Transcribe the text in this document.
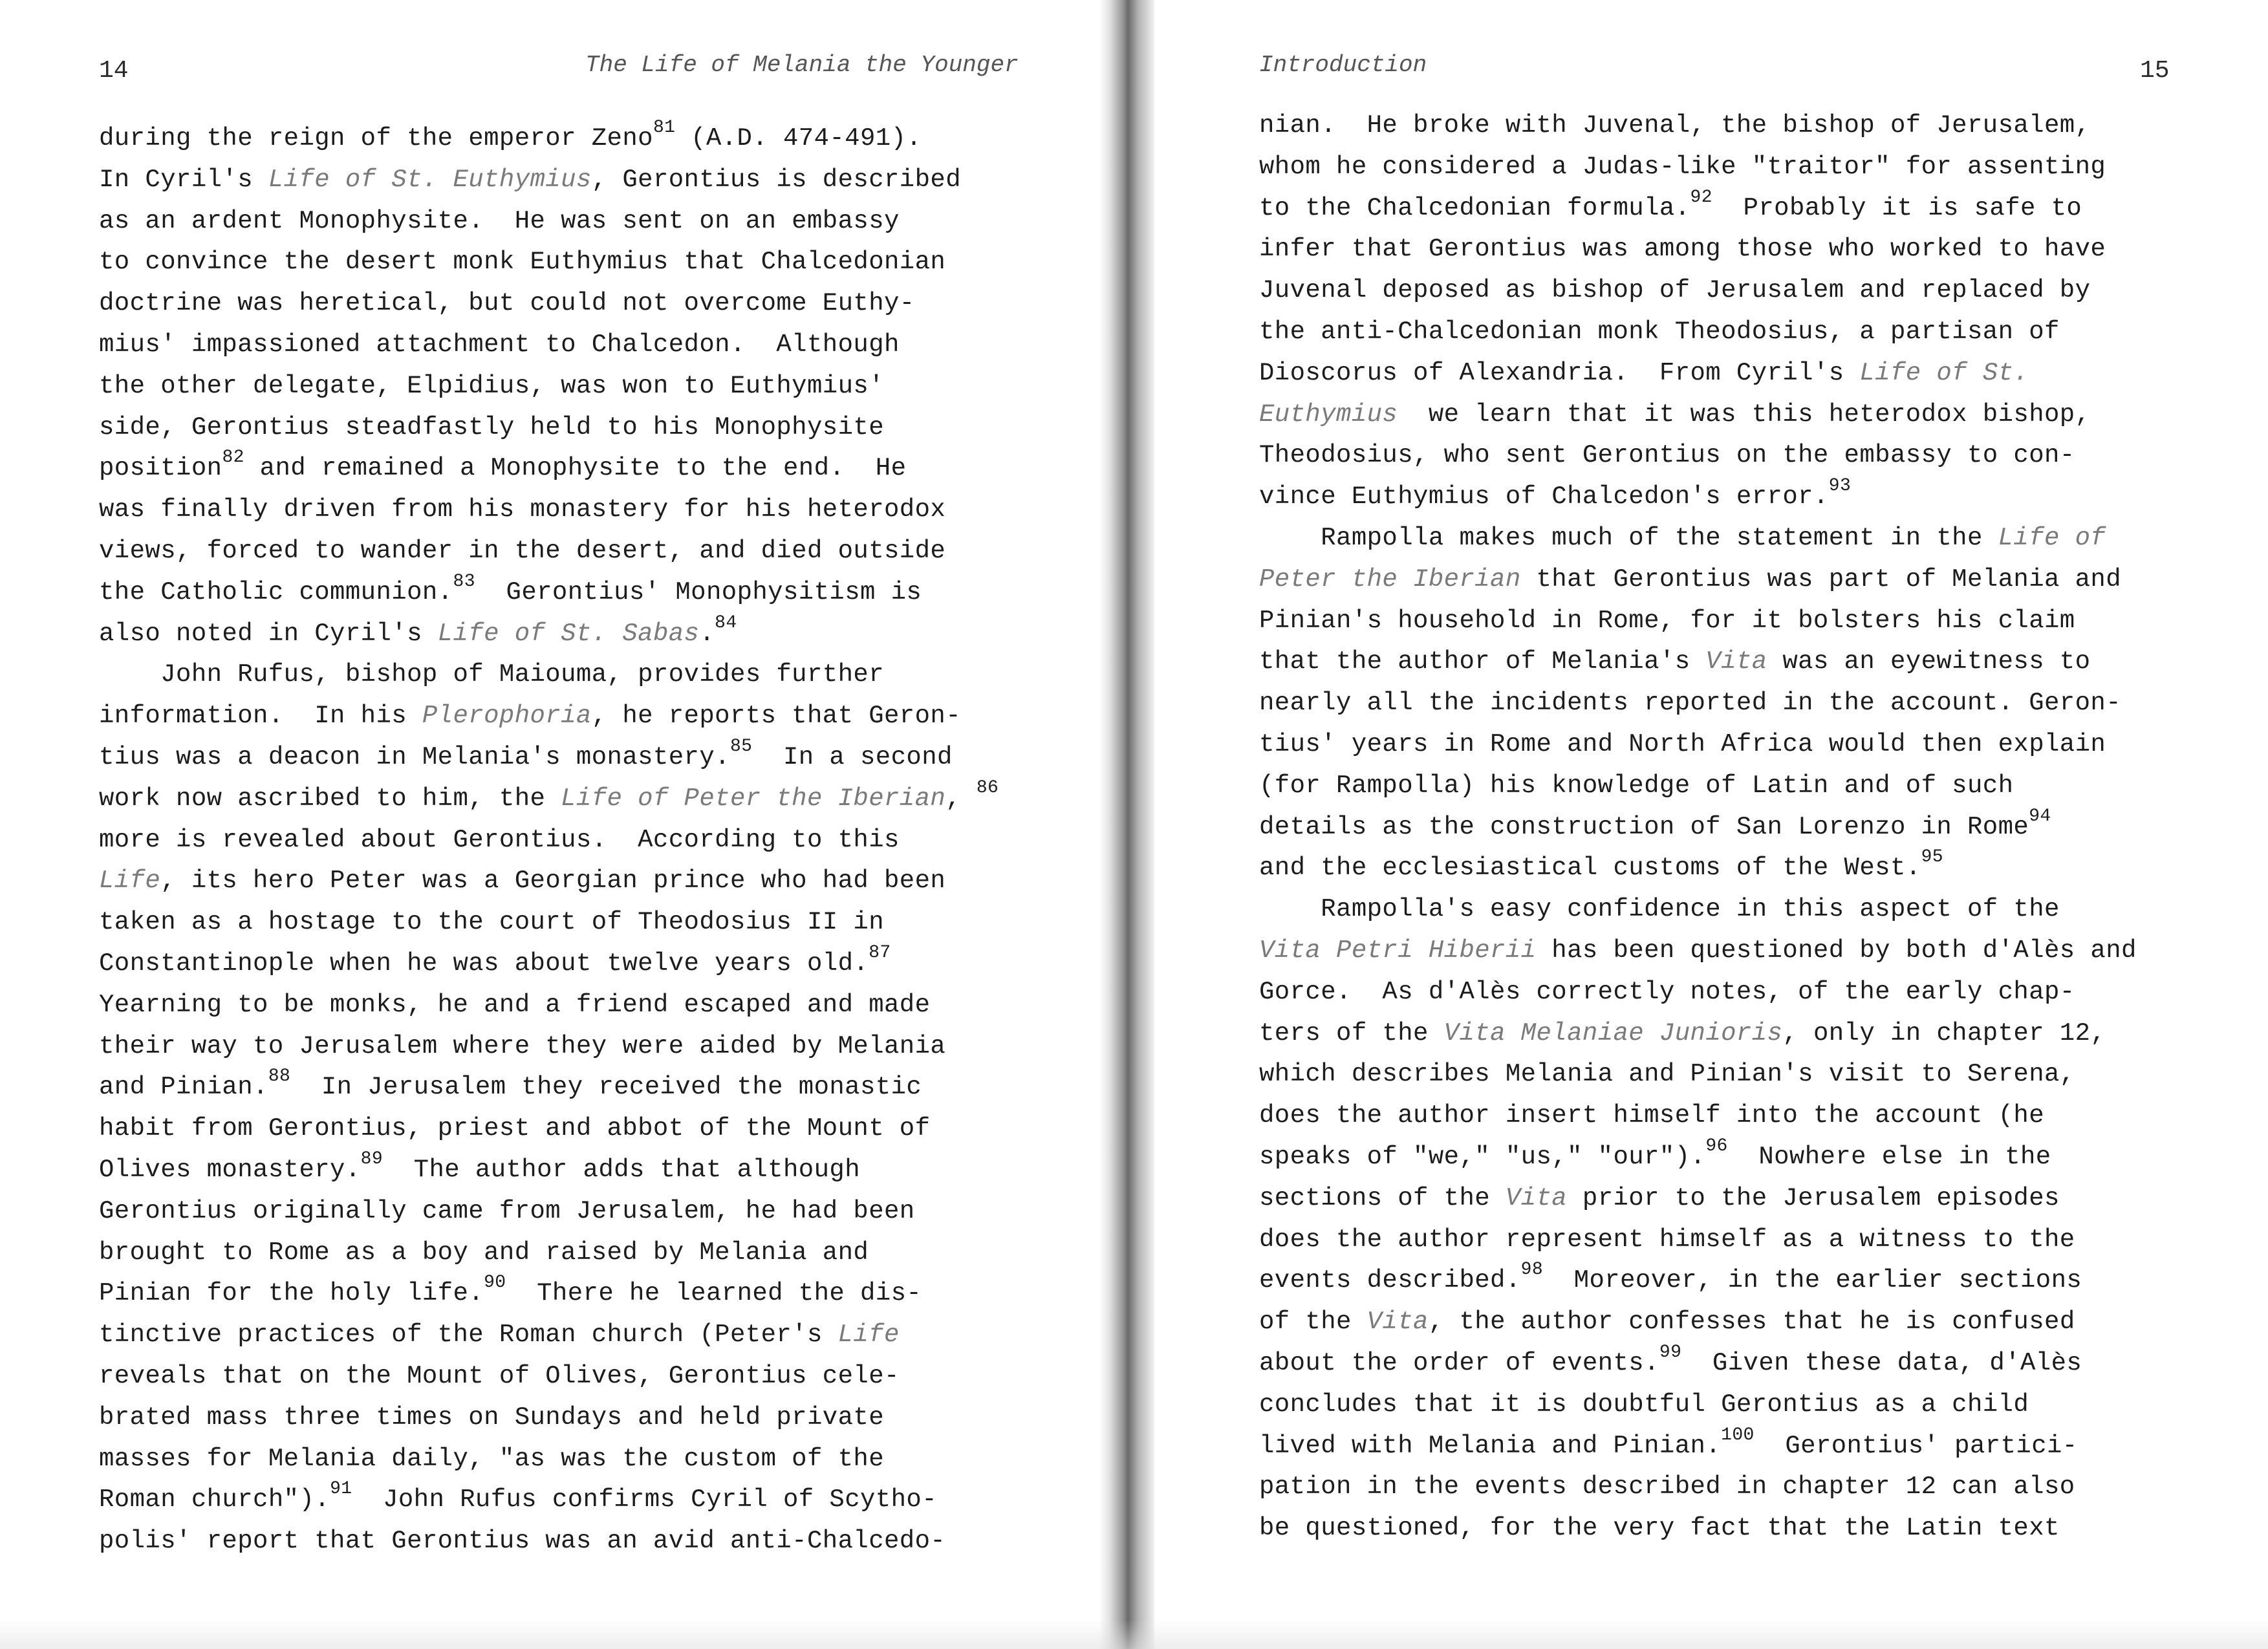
14	The Life of Melania the Younger
during the reign of the emperor Zeno$^{81}$ (A.D. 474-491).
In Cyril's Life of St. Euthymius, Gerontius is described
as an ardent Monophysite.  He was sent on an embassy
to convince the desert monk Euthymius that Chalcedonian
doctrine was heretical, but could not overcome Euthy-
mius' impassioned attachment to Chalcedon.  Although
the other delegate, Elpidius, was won to Euthymius'
side, Gerontius steadfastly held to his Monophysite
position$^{82}$ and remained a Monophysite to the end.  He
was finally driven from his monastery for his heterodox
views, forced to wander in the desert, and died outside
the Catholic communion.$^{83}$  Gerontius' Monophysitism is
also noted in Cyril's Life of St. Sabas.$^{84}$
John Rufus, bishop of Maiouma, provides further
information.  In his Plerophoria, he reports that Geron-
tius was a deacon in Melania's monastery.$^{85}$  In a second
work now ascribed to him, the Life of Peter the Iberian, $^{86}$
more is revealed about Gerontius.  According to this
Life, its hero Peter was a Georgian prince who had been
taken as a hostage to the court of Theodosius II in
Constantinople when he was about twelve years old.$^{87}$
Yearning to be monks, he and a friend escaped and made
their way to Jerusalem where they were aided by Melania
and Pinian.$^{88}$  In Jerusalem they received the monastic
habit from Gerontius, priest and abbot of the Mount of
Olives monastery.$^{89}$  The author adds that although
Gerontius originally came from Jerusalem, he had been
brought to Rome as a boy and raised by Melania and
Pinian for the holy life.$^{90}$  There he learned the dis-
tinctive practices of the Roman church (Peter's Life
reveals that on the Mount of Olives, Gerontius cele-
brated mass three times on Sundays and held private
masses for Melania daily, "as was the custom of the
Roman church").$^{91}$  John Rufus confirms Cyril of Scytho-
polis' report that Gerontius was an avid anti-Chalcedo-
Introduction	15
nian.  He broke with Juvenal, the bishop of Jerusalem,
whom he considered a Judas-like "traitor" for assenting
to the Chalcedonian formula.$^{92}$  Probably it is safe to
infer that Gerontius was among those who worked to have
Juvenal deposed as bishop of Jerusalem and replaced by
the anti-Chalcedonian monk Theodosius, a partisan of
Dioscorus of Alexandria.  From Cyril's Life of St.
Euthymius  we learn that it was this heterodox bishop,
Theodosius, who sent Gerontius on the embassy to con-
vince Euthymius of Chalcedon's error.$^{93}$
Rampolla makes much of the statement in the Life of
Peter the Iberian that Gerontius was part of Melania and
Pinian's household in Rome, for it bolsters his claim
that the author of Melania's Vita was an eyewitness to
nearly all the incidents reported in the account. Geron-
tius' years in Rome and North Africa would then explain
(for Rampolla) his knowledge of Latin and of such
details as the construction of San Lorenzo in Rome$^{94}$
and the ecclesiastical customs of the West.$^{95}$
Rampolla's easy confidence in this aspect of the
Vita Petri Hiberii has been questioned by both d'Alès and
Gorce.  As d'Alès correctly notes, of the early chap-
ters of the Vita Melaniae Junioris, only in chapter 12,
which describes Melania and Pinian's visit to Serena,
does the author insert himself into the account (he
speaks of "we," "us," "our").$^{96}$  Nowhere else in the
sections of the Vita prior to the Jerusalem episodes
does the author represent himself as a witness to the
events described.$^{98}$  Moreover, in the earlier sections
of the Vita, the author confesses that he is confused
about the order of events.$^{99}$  Given these data, d'Alès
concludes that it is doubtful Gerontius as a child
lived with Melania and Pinian.$^{100}$  Gerontius' partici-
pation in the events described in chapter 12 can also
be questioned, for the very fact that the Latin text
